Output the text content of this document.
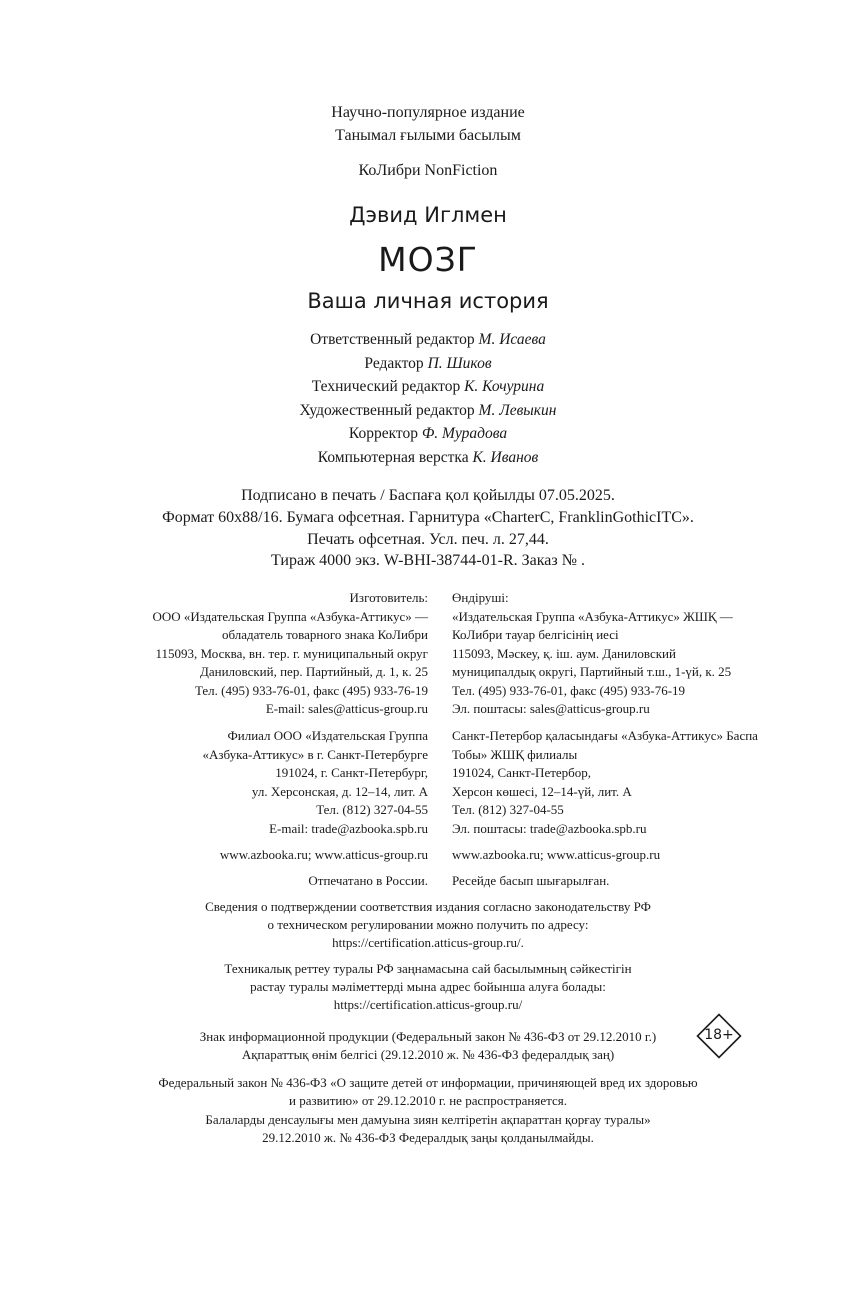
Научно-популярное издание
Танымал ғылыми басылым
КоЛибри NonFiction
Дэвид Иглмен
МОЗГ
Ваша личная история
Ответственный редактор М. Исаева
Редактор П. Шиков
Технический редактор К. Кочурина
Художественный редактор М. Левыкин
Корректор Ф. Мурадова
Компьютерная верстка К. Иванов
Подписано в печать / Баспаға қол қойылды 07.05.2025.
Формат 60x88/16. Бумага офсетная. Гарнитура «CharterC, FranklinGothicITC».
Печать офсетная. Усл. печ. л. 27,44.
Тираж 4000 экз. W-BHI-38744-01-R. Заказ № .
Изготовитель:
ООО «Издательская Группа «Азбука-Аттикус» —
обладатель товарного знака КоЛибри
115093, Москва, вн. тер. г. муниципальный округ
Даниловский, пер. Партийный, д. 1, к. 25
Тел. (495) 933-76-01, факс (495) 933-76-19
E-mail: sales@atticus-group.ru
Өндіруші:
«Издательская Группа «Азбука-Аттикус» ЖШҚ —
КоЛибри тауар белгісінің иесі
115093, Мәскеу, қ. іш. аум. Даниловский
муниципалдық округі, Партийный т.ш., 1-үй, к. 25
Тел. (495) 933-76-01, факс (495) 933-76-19
Эл. поштасы: sales@atticus-group.ru
Филиал ООО «Издательская Группа
«Азбука-Аттикус» в г. Санкт-Петербурге
191024, г. Санкт-Петербург,
ул. Херсонская, д. 12–14, лит. А
Тел. (812) 327-04-55
E-mail: trade@azbooka.spb.ru
Санкт-Петербор қаласындағы «Азбука-Аттикус» Баспа
Тобы» ЖШҚ филиалы
191024, Санкт-Петербор,
Херсон көшесі, 12–14-үй, лит. А
Тел. (812) 327-04-55
Эл. поштасы: trade@azbooka.spb.ru
www.azbooka.ru; www.atticus-group.ru www.azbooka.ru; www.atticus-group.ru
Отпечатано в России. Ресейде басып шығарылған.
Сведения о подтверждении соответствия издания согласно законодательству РФ
о техническом регулировании можно получить по адресу:
https://certification.atticus-group.ru/.
Техникалық реттеу туралы РФ заңнамасына сай басылымның сәйкестігін
растау туралы мәліметтерді мына адрес бойынша алуға болады:
https://certification.atticus-group.ru/
Знак информационной продукции (Федеральный закон № 436-ФЗ от 29.12.2010 г.)
Ақпараттық өнім белгісі (29.12.2010 ж. № 436-ФЗ федералдық заң)
18+
Федеральный закон № 436-ФЗ «О защите детей от информации, причиняющей вред их здоровью
и развитию» от 29.12.2010 г. не распространяется.
Балаларды денсаулығы мен дамуына зиян келтіретін ақпараттан қорғау туралы»
29.12.2010 ж. № 436-ФЗ Федералдық заңы қолданылмайды.
